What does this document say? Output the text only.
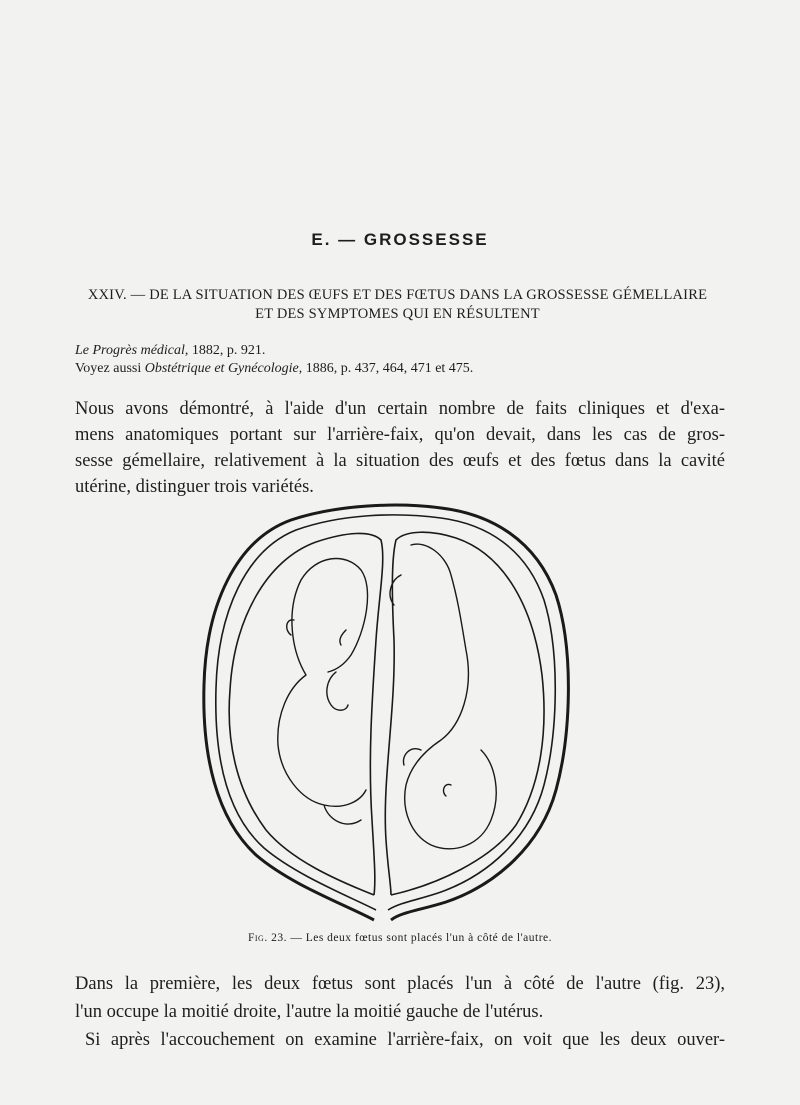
E. — GROSSESSE
XXIV. — DE LA SITUATION DES ŒUFS ET DES FŒTUS DANS LA GROSSESSE GÉMELLAIRE
ET DES SYMPTOMES QUI EN RÉSULTENT
Le Progrès médical, 1882, p. 921.
Voyez aussi Obstétrique et Gynécologie, 1886, p. 437, 464, 471 et 475.
Nous avons démontré, à l'aide d'un certain nombre de faits cliniques et d'exa-
mens anatomiques portant sur l'arrière-faix, qu'on devait, dans les cas de gros-
sesse gémellaire, relativement à la situation des œufs et des fœtus dans la cavité
utérine, distinguer trois variétés.
Fig. 23. — Les deux fœtus sont placés l'un à côté de l'autre.
Dans la première, les deux fœtus sont placés l'un à côté de l'autre (fig. 23),
l'un occupe la moitié droite, l'autre la moitié gauche de l'utérus.
Si après l'accouchement on examine l'arrière-faix, on voit que les deux ouver-
